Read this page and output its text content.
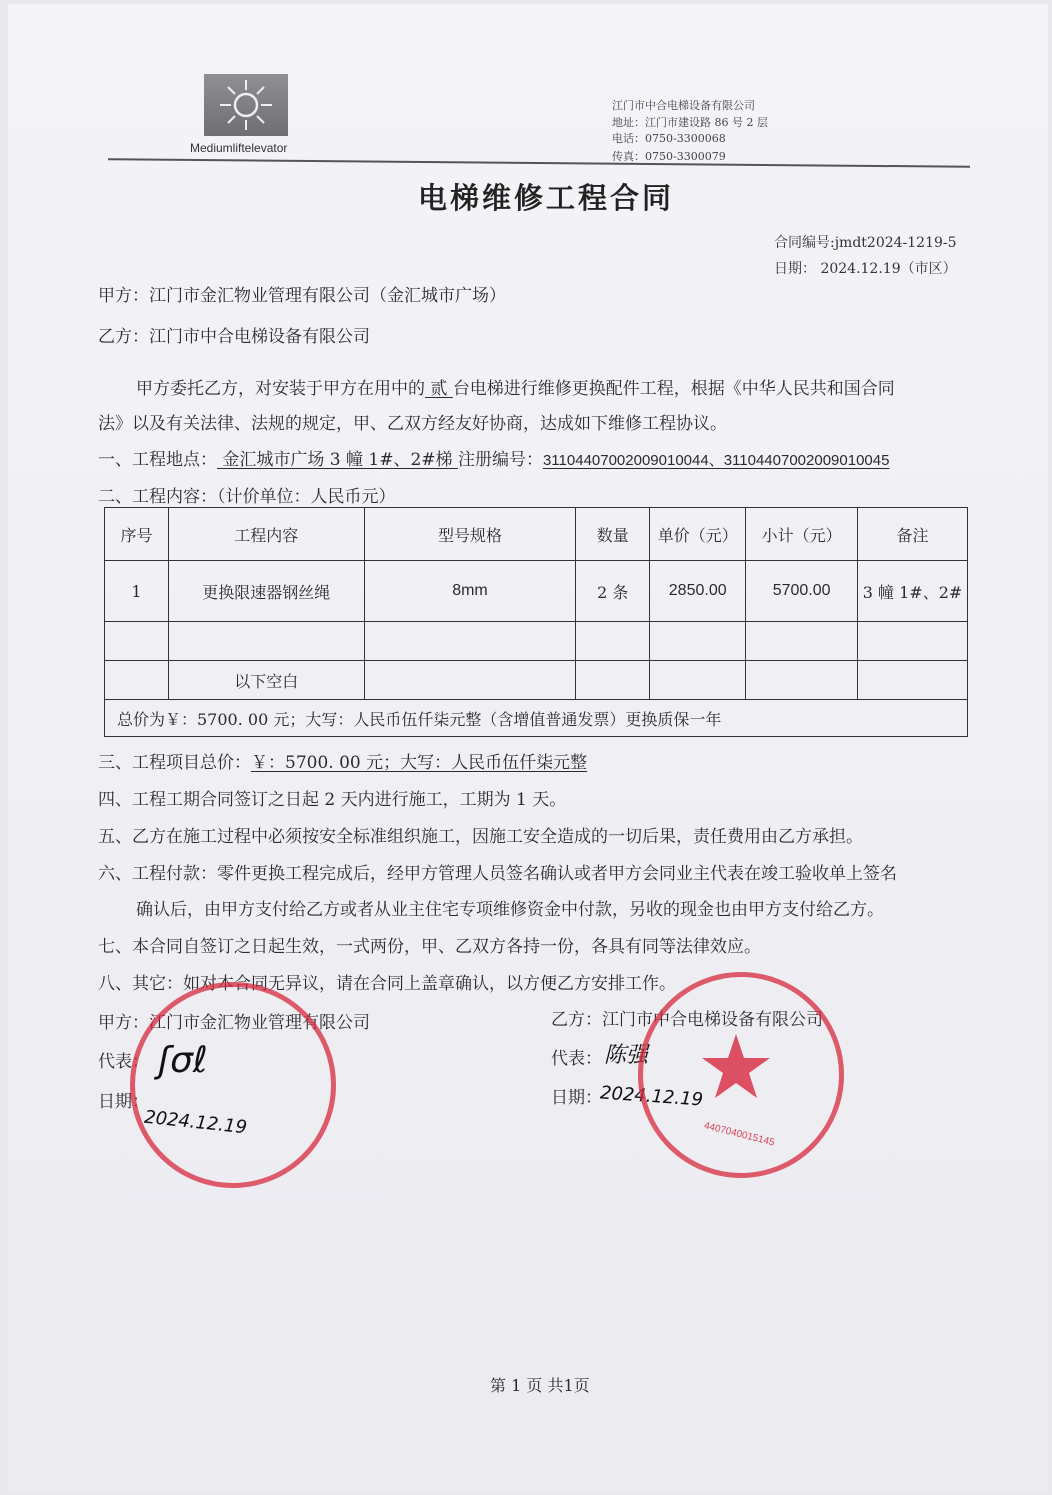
Mediumliftelevator
江门市中合电梯设备有限公司
地址：江门市建设路 86 号 2 层
电话：0750-3300068
传真：0750-3300079
电梯维修工程合同
合同编号:jmdt2024-1219-5
日期： 2024.12.19（市区）
甲方：江门市金汇物业管理有限公司（金汇城市广场）
乙方：江门市中合电梯设备有限公司
甲方委托乙方，对安装于甲方在用中的 贰 台电梯进行维修更换配件工程，根据《中华人民共和国合同
法》以及有关法律、法规的规定，甲、乙双方经友好协商，达成如下维修工程协议。
一、工程地点： 金汇城市广场 3 幢 1#、2#梯 注册编号：31104407002009010044、31104407002009010045
二、工程内容：（计价单位：人民币元）
序号	工程内容	型号规格	数量	单价（元）	小计（元）	备注
1	更换限速器钢丝绳	8mm	2 条	2850.00	5700.00	3 幢 1#、2#

	以下空白					
总价为￥：5700. 00 元；大写：人民币伍仟柒元整（含增值普通发票）更换质保一年						
三、工程项目总价：￥：5700. 00 元；大写：人民币伍仟柒元整
四、工程工期合同签订之日起 2 天内进行施工，工期为 1 天。
五、乙方在施工过程中必须按安全标准组织施工，因施工安全造成的一切后果，责任费用由乙方承担。
六、工程付款：零件更换工程完成后，经甲方管理人员签名确认或者甲方会同业主代表在竣工验收单上签名
确认后，由甲方支付给乙方或者从业主住宅专项维修资金中付款，另收的现金也由甲方支付给乙方。
七、本合同自签订之日起生效，一式两份，甲、乙双方各持一份，各具有同等法律效应。
八、其它：如对本合同无异议，请在合同上盖章确认，以方便乙方安排工作。
甲方：江门市金汇物业管理有限公司
代表：
日期：
ʃσℓ
2024.12.19
乙方：江门市中合电梯设备有限公司
代表：
日期：
陈强
2024.12.19
4407040015145
第 1 页 共1页
